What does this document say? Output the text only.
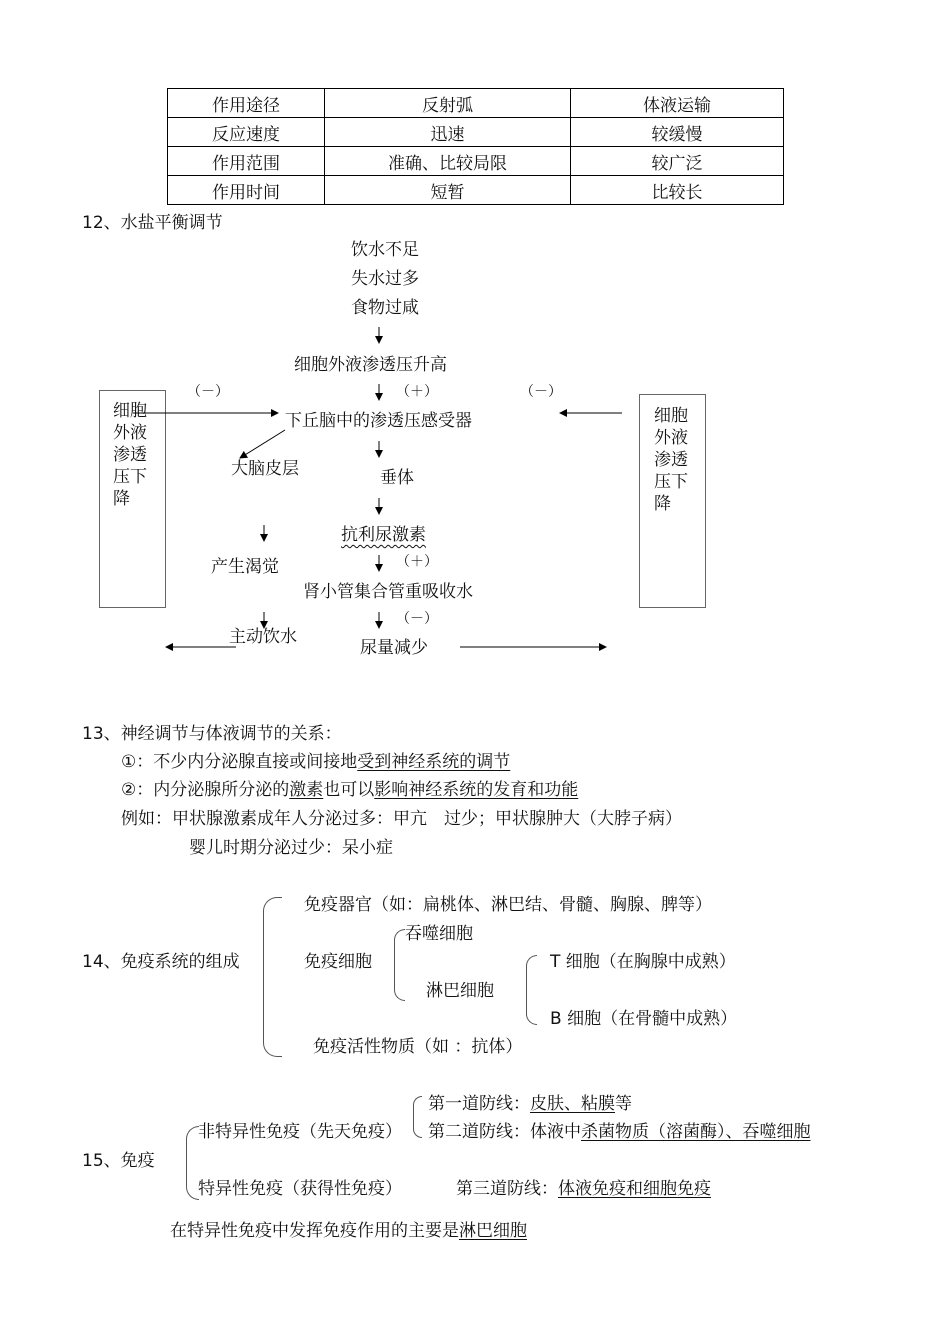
作用途径	反射弧	体液运输
反应速度	迅速	较缓慢
作用范围	准确、比较局限	较广泛
作用时间	短暂	比较长
12、水盐平衡调节
饮水不足
失水过多
食物过咸
细胞外液渗透压升高
（＋）
（－）	（－）
下丘脑中的渗透压感受器
大脑皮层	垂体
抗利尿激素
（＋）
产生渴觉
肾小管集合管重吸收水
（－）
主动饮水
尿量减少
细胞
外液
渗透
压下
降
细胞
外液
渗透
压下
降
13、神经调节与体液调节的关系：
①：不少内分泌腺直接或间接地受到神经系统的调节
②：内分泌腺所分泌的激素也可以影响神经系统的发育和功能
例如：甲状腺激素成年人分泌过多：甲亢　过少；甲状腺肿大（大脖子病）
婴儿时期分泌过少：呆小症
14、免疫系统的组成
免疫器官（如：扁桃体、淋巴结、骨髓、胸腺、脾等）
免疫细胞
吞噬细胞
淋巴细胞
T 细胞（在胸腺中成熟）
B 细胞（在骨髓中成熟）
免疫活性物质（如 ：抗体）
15、免疫
非特异性免疫（先天免疫）
第一道防线：皮肤、粘膜等
第二道防线：体液中杀菌物质（溶菌酶）、吞噬细胞
特异性免疫（获得性免疫）	第三道防线：体液免疫和细胞免疫
在特异性免疫中发挥免疫作用的主要是淋巴细胞
